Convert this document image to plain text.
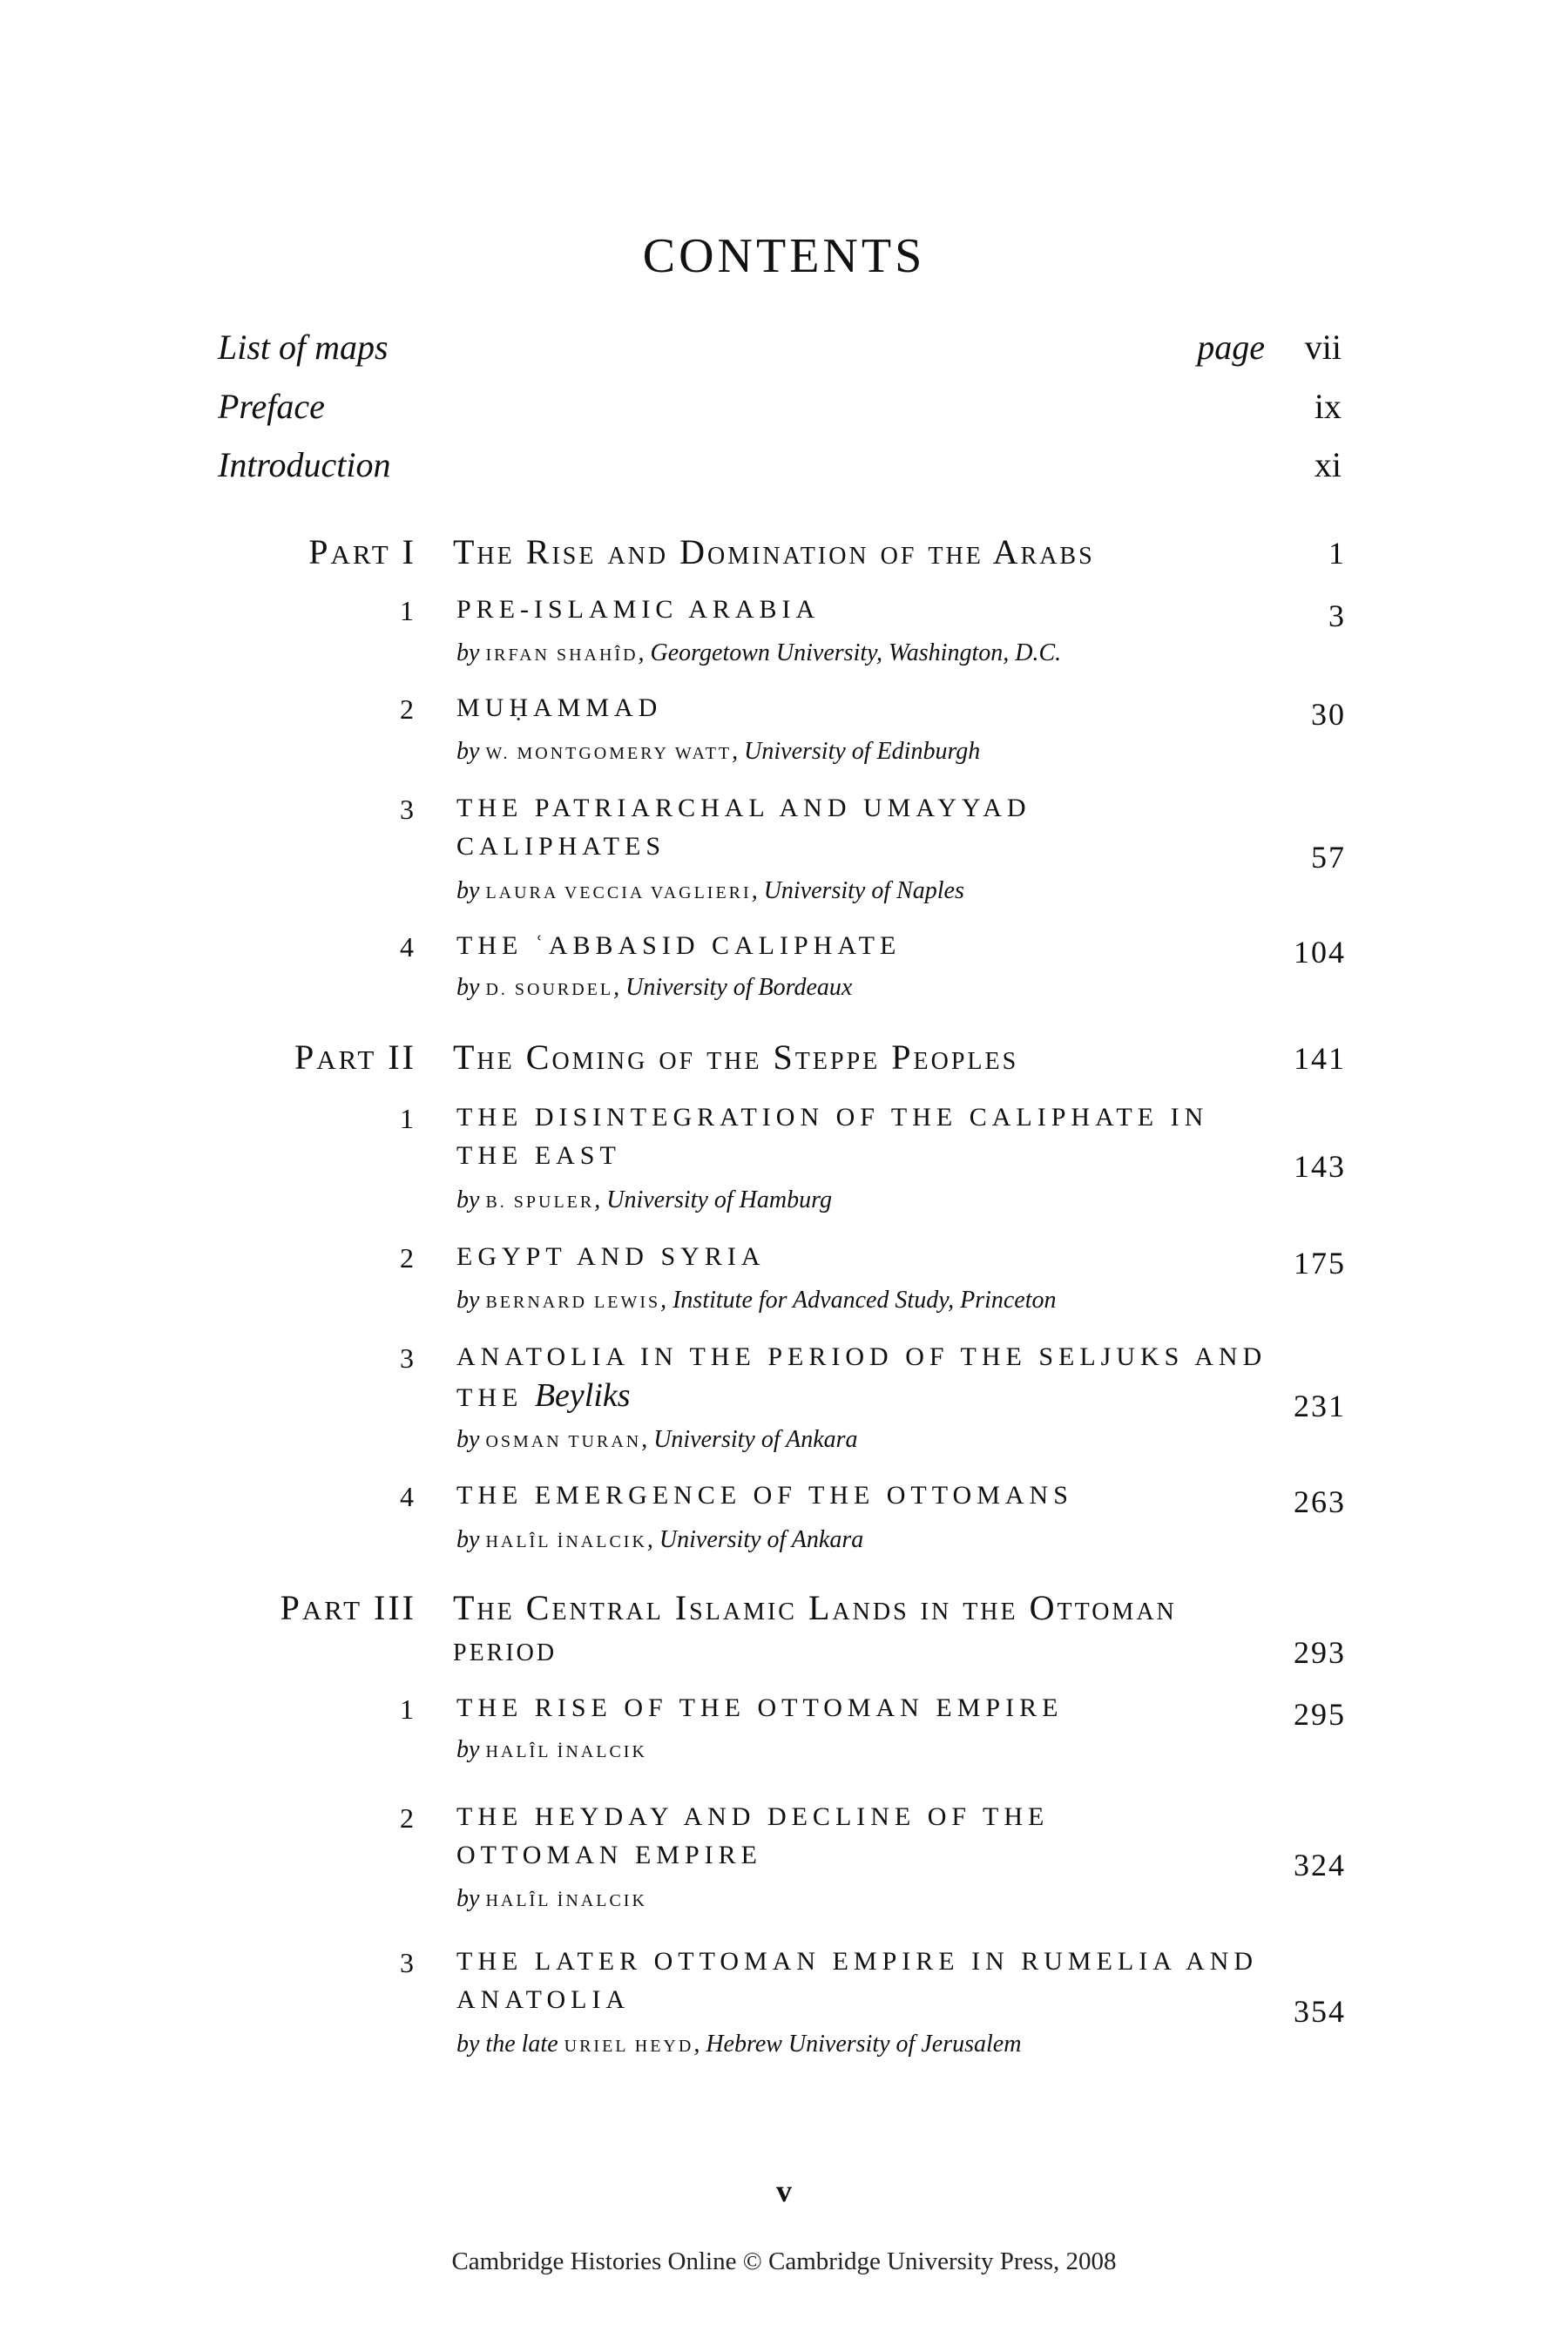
CONTENTS
List of maps	page vii
Preface	ix
Introduction	xi
PART I The Rise and Domination of the Arabs	1
1 PRE-ISLAMIC ARABIA	3
by IRFAN SHAHÎD, Georgetown University, Washington, D.C.
2 MUḤAMMAD	30
by W. MONTGOMERY WATT, University of Edinburgh
3 THE PATRIARCHAL AND UMAYYAD CALIPHATES	57
by LAURA VECCIA VAGLIERI, University of Naples
4 THE ʿABBASID CALIPHATE	104
by D. SOURDEL, University of Bordeaux
PART II The Coming of the Steppe Peoples	141
1 THE DISINTEGRATION OF THE CALIPHATE IN THE EAST	143
by B. SPULER, University of Hamburg
2 EGYPT AND SYRIA	175
by BERNARD LEWIS, Institute for Advanced Study, Princeton
3 ANATOLIA IN THE PERIOD OF THE SELJUKS AND THE Beyliks	231
by OSMAN TURAN, University of Ankara
4 THE EMERGENCE OF THE OTTOMANS	263
by HALÎL İNALCIK, University of Ankara
PART III The Central Islamic Lands in the Ottoman period	293
1 THE RISE OF THE OTTOMAN EMPIRE	295
by HALÎL İNALCIK
2 THE HEYDAY AND DECLINE OF THE OTTOMAN EMPIRE	324
by HALÎL İNALCIK
3 THE LATER OTTOMAN EMPIRE IN RUMELIA AND ANATOLIA	354
by the late URIEL HEYD, Hebrew University of Jerusalem
v
Cambridge Histories Online © Cambridge University Press, 2008
